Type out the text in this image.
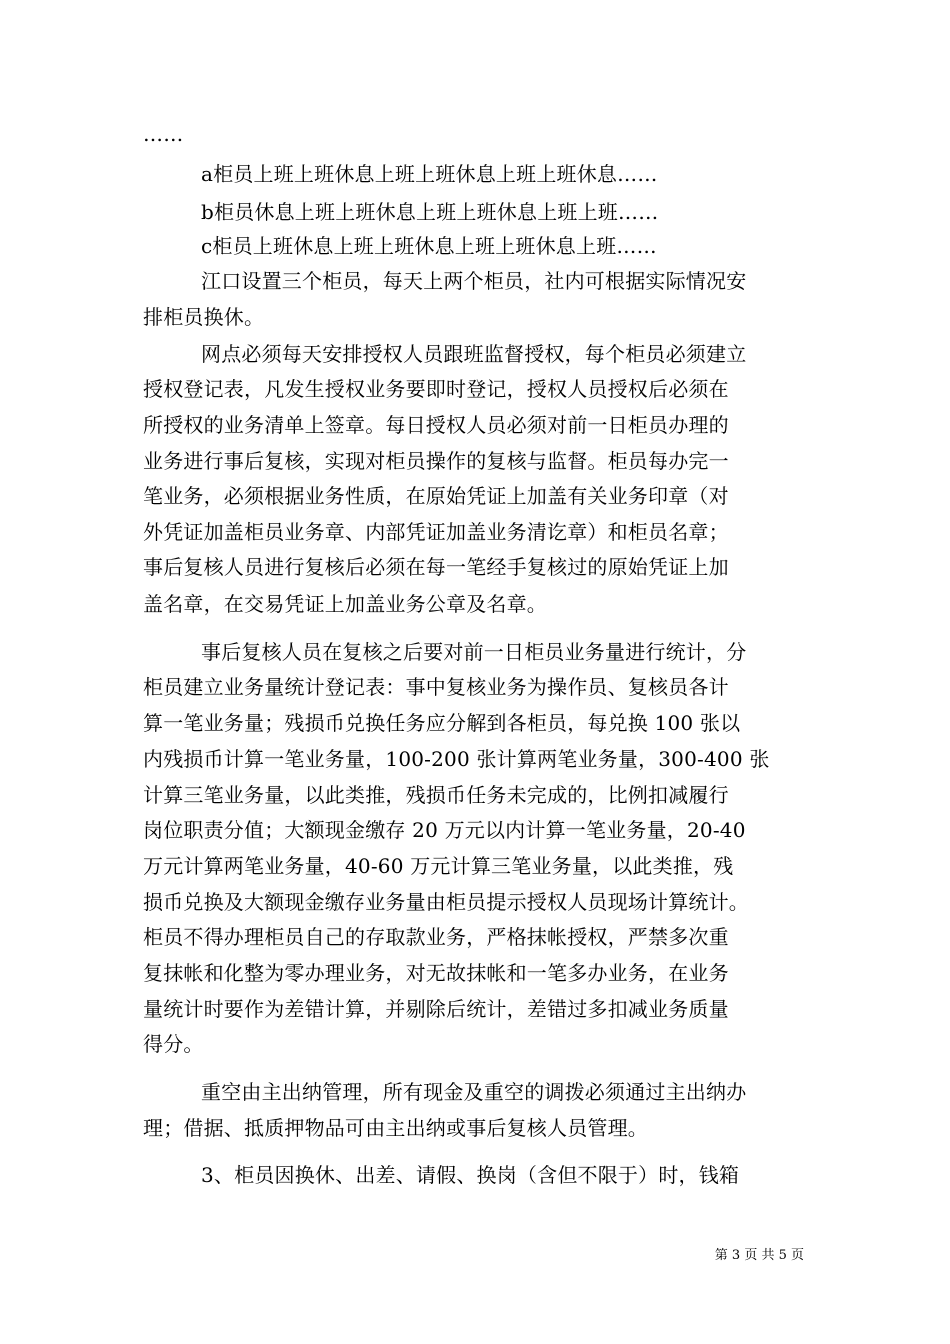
……
a柜员上班上班休息上班上班休息上班上班休息……
b柜员休息上班上班休息上班上班休息上班上班……
c柜员上班休息上班上班休息上班上班休息上班……
江口设置三个柜员，每天上两个柜员，社内可根据实际情况安
排柜员换休。
网点必须每天安排授权人员跟班监督授权，每个柜员必须建立
授权登记表，凡发生授权业务要即时登记，授权人员授权后必须在
所授权的业务清单上签章。每日授权人员必须对前一日柜员办理的
业务进行事后复核，实现对柜员操作的复核与监督。柜员每办完一
笔业务，必须根据业务性质，在原始凭证上加盖有关业务印章（对
外凭证加盖柜员业务章、内部凭证加盖业务清讫章）和柜员名章；
事后复核人员进行复核后必须在每一笔经手复核过的原始凭证上加
盖名章，在交易凭证上加盖业务公章及名章。
事后复核人员在复核之后要对前一日柜员业务量进行统计，分
柜员建立业务量统计登记表：事中复核业务为操作员、复核员各计
算一笔业务量；残损币兑换任务应分解到各柜员，每兑换 100 张以
内残损币计算一笔业务量，100-200 张计算两笔业务量，300-400 张
计算三笔业务量，以此类推，残损币任务未完成的，比例扣减履行
岗位职责分值；大额现金缴存 20 万元以内计算一笔业务量，20-40
万元计算两笔业务量，40-60 万元计算三笔业务量，以此类推，残
损币兑换及大额现金缴存业务量由柜员提示授权人员现场计算统计。
柜员不得办理柜员自己的存取款业务，严格抹帐授权，严禁多次重
复抹帐和化整为零办理业务，对无故抹帐和一笔多办业务，在业务
量统计时要作为差错计算，并剔除后统计，差错过多扣减业务质量
得分。
重空由主出纳管理，所有现金及重空的调拨必须通过主出纳办
理；借据、抵质押物品可由主出纳或事后复核人员管理。
3、柜员因换休、出差、请假、换岗（含但不限于）时，钱箱
第 3 页 共 5 页
